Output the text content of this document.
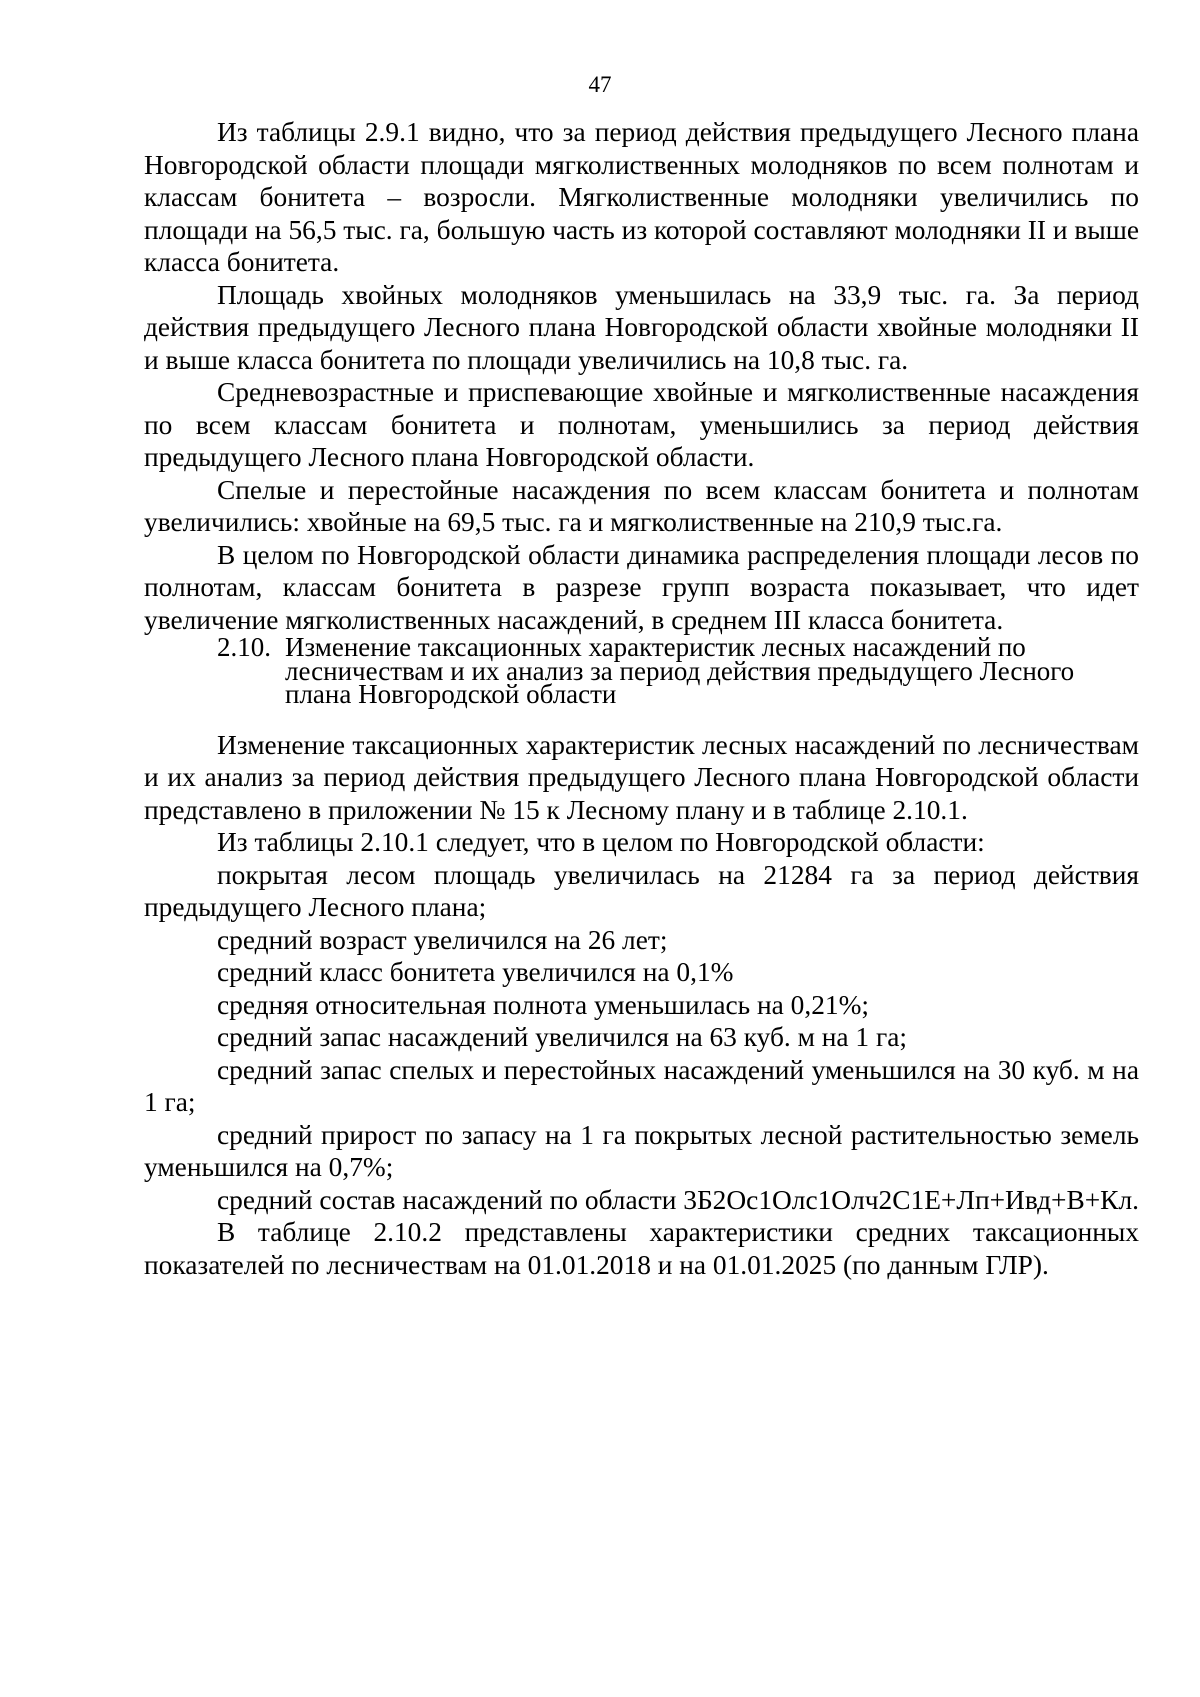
47

Из таблицы 2.9.1 видно, что за период действия предыдущего Лесного плана Новгородской области площади мягколиственных молодняков по всем полнотам и классам бонитета – возросли. Мягколиственные молодняки увеличились по площади на 56,5 тыс. га, большую часть из которой составляют молодняки II и выше класса бонитета.

Площадь хвойных молодняков уменьшилась на 33,9 тыс. га. За период действия предыдущего Лесного плана Новгородской области хвойные молодняки II и выше класса бонитета по площади увеличились на 10,8 тыс. га.

Средневозрастные и приспевающие хвойные и мягколиственные насаждения по всем классам бонитета и полнотам, уменьшились за период действия предыдущего Лесного плана Новгородской области.

Спелые и перестойные насаждения по всем классам бонитета и полнотам увеличились: хвойные на 69,5 тыс. га и мягколиственные на 210,9 тыс.га.

В целом по Новгородской области динамика распределения площади лесов по полнотам, классам бонитета в разрезе групп возраста показывает, что идет увеличение мягколиственных насаждений, в среднем III класса бонитета.

2.10. Изменение таксационных характеристик лесных насаждений по лесничествам и их анализ за период действия предыдущего Лесного плана Новгородской области

Изменение таксационных характеристик лесных насаждений по лесничествам и их анализ за период действия предыдущего Лесного плана Новгородской области представлено в приложении № 15 к Лесному плану и в таблице 2.10.1.

Из таблицы 2.10.1 следует, что в целом по Новгородской области:

покрытая лесом площадь увеличилась на 21284 га за период действия предыдущего Лесного плана;

средний возраст увеличился на 26 лет;

средний класс бонитета увеличился на 0,1%

средняя относительная полнота уменьшилась на 0,21%;

средний запас насаждений увеличился на 63 куб. м на 1 га;

средний запас спелых и перестойных насаждений уменьшился на 30 куб. м на 1 га;

средний прирост по запасу на 1 га покрытых лесной растительностью земель уменьшился на 0,7%;

средний состав насаждений по области 3Б2Ос1Олс1Олч2С1Е+Лп+Ивд+В+Кл.

В таблице 2.10.2 представлены характеристики средних таксационных показателей по лесничествам на 01.01.2018 и на 01.01.2025 (по данным ГЛР).
